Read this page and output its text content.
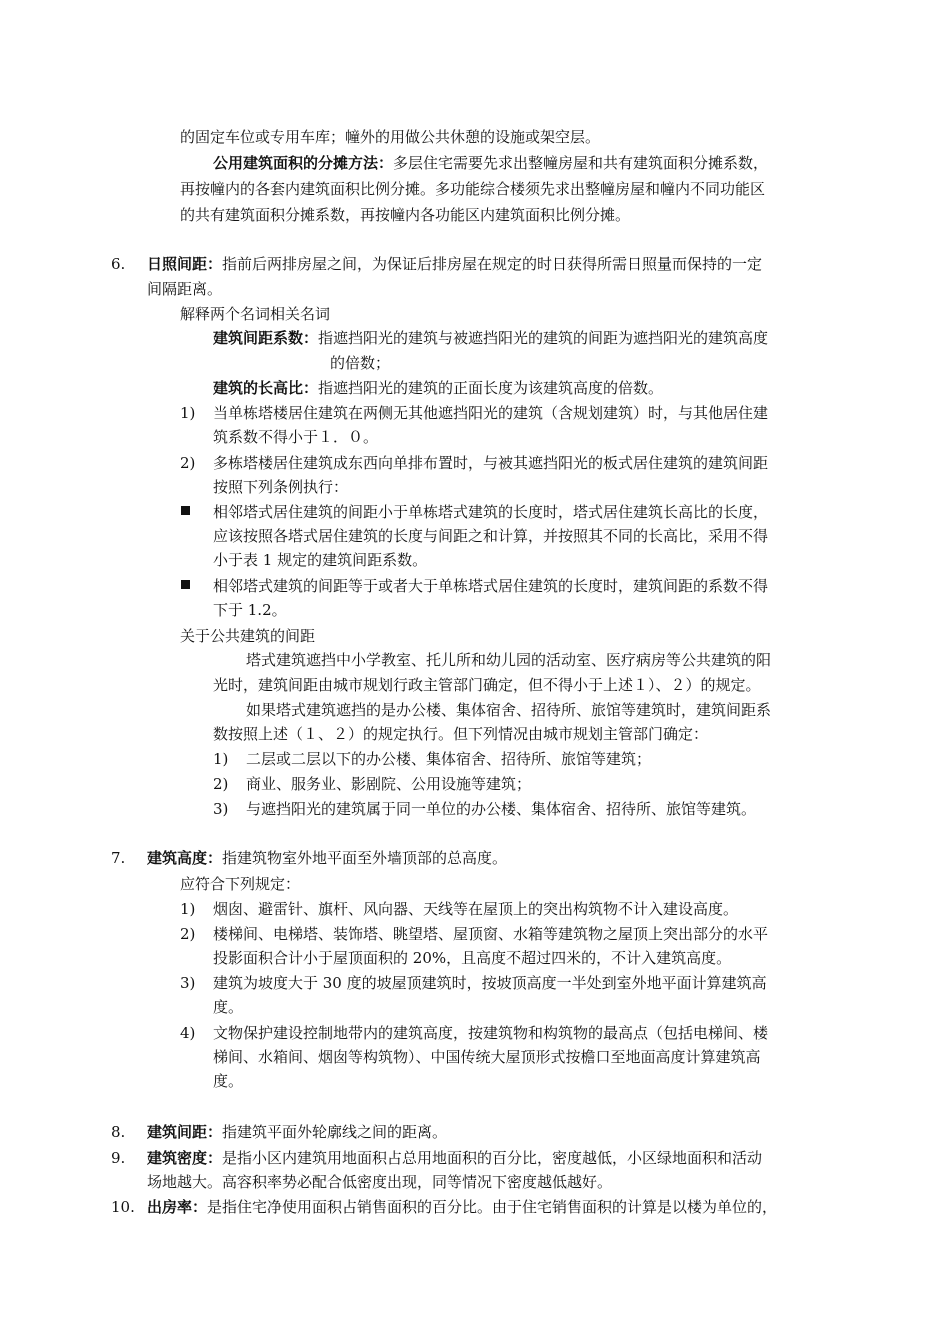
的固定车位或专用车库；幢外的用做公共休憩的设施或架空层。
公用建筑面积的分摊方法：多层住宅需要先求出整幢房屋和共有建筑面积分摊系数，
再按幢内的各套内建筑面积比例分摊。多功能综合楼须先求出整幢房屋和幢内不同功能区
的共有建筑面积分摊系数，再按幢内各功能区内建筑面积比例分摊。
6. 日照间距：指前后两排房屋之间，为保证后排房屋在规定的时日获得所需日照量而保持的一定
间隔距离。
解释两个名词相关名词
建筑间距系数：指遮挡阳光的建筑与被遮挡阳光的建筑的间距为遮挡阳光的建筑高度
的倍数；
建筑的长高比：指遮挡阳光的建筑的正面长度为该建筑高度的倍数。
1) 当单栋塔楼居住建筑在两侧无其他遮挡阳光的建筑（含规划建筑）时，与其他居住建
筑系数不得小于１．０。
2) 多栋塔楼居住建筑成东西向单排布置时，与被其遮挡阳光的板式居住建筑的建筑间距
按照下列条例执行：
相邻塔式居住建筑的间距小于单栋塔式建筑的长度时，塔式居住建筑长高比的长度，
应该按照各塔式居住建筑的长度与间距之和计算，并按照其不同的长高比，采用不得
小于表 1 规定的建筑间距系数。
相邻塔式建筑的间距等于或者大于单栋塔式居住建筑的长度时，建筑间距的系数不得
下于 1.2。
关于公共建筑的间距
塔式建筑遮挡中小学教室、托儿所和幼儿园的活动室、医疗病房等公共建筑的阳
光时，建筑间距由城市规划行政主管部门确定，但不得小于上述１）、２）的规定。
如果塔式建筑遮挡的是办公楼、集体宿舍、招待所、旅馆等建筑时，建筑间距系
数按照上述（１、２）的规定执行。但下列情况由城市规划主管部门确定：
1) 二层或二层以下的办公楼、集体宿舍、招待所、旅馆等建筑；
2) 商业、服务业、影剧院、公用设施等建筑；
3) 与遮挡阳光的建筑属于同一单位的办公楼、集体宿舍、招待所、旅馆等建筑。
7. 建筑高度：指建筑物室外地平面至外墙顶部的总高度。
应符合下列规定：
1) 烟囱、避雷针、旗杆、风向器、天线等在屋顶上的突出构筑物不计入建设高度。
2) 楼梯间、电梯塔、装饰塔、眺望塔、屋顶窗、水箱等建筑物之屋顶上突出部分的水平
投影面积合计小于屋顶面积的 20%，且高度不超过四米的，不计入建筑高度。
3) 建筑为坡度大于 30 度的坡屋顶建筑时，按坡顶高度一半处到室外地平面计算建筑高
度。
4) 文物保护建设控制地带内的建筑高度，按建筑物和构筑物的最高点（包括电梯间、楼
梯间、水箱间、烟囱等构筑物）、中国传统大屋顶形式按檐口至地面高度计算建筑高
度。
8. 建筑间距：指建筑平面外轮廓线之间的距离。
9. 建筑密度：是指小区内建筑用地面积占总用地面积的百分比，密度越低，小区绿地面积和活动
场地越大。高容积率势必配合低密度出现，同等情况下密度越低越好。
10. 出房率：是指住宅净使用面积占销售面积的百分比。由于住宅销售面积的计算是以楼为单位的，
